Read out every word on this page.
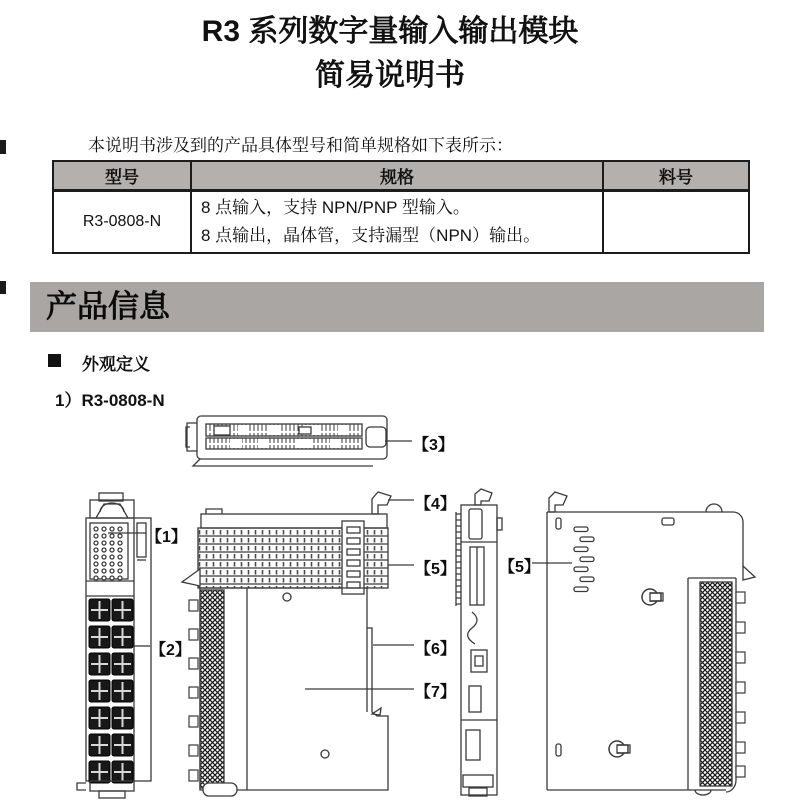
R3 系列数字量输入输出模块
简易说明书
本说明书涉及到的产品具体型号和简单规格如下表所示：
型号	规格	料号
R3-0808-N	8 点输入，支持 NPN/PNP 型输入。
8 点输出，晶体管，支持漏型（NPN）输出。	

产品信息
外观定义
1）R3-0808-N
【1】
【2】
【3】
【4】
【5】
【6】
【7】
【5】
